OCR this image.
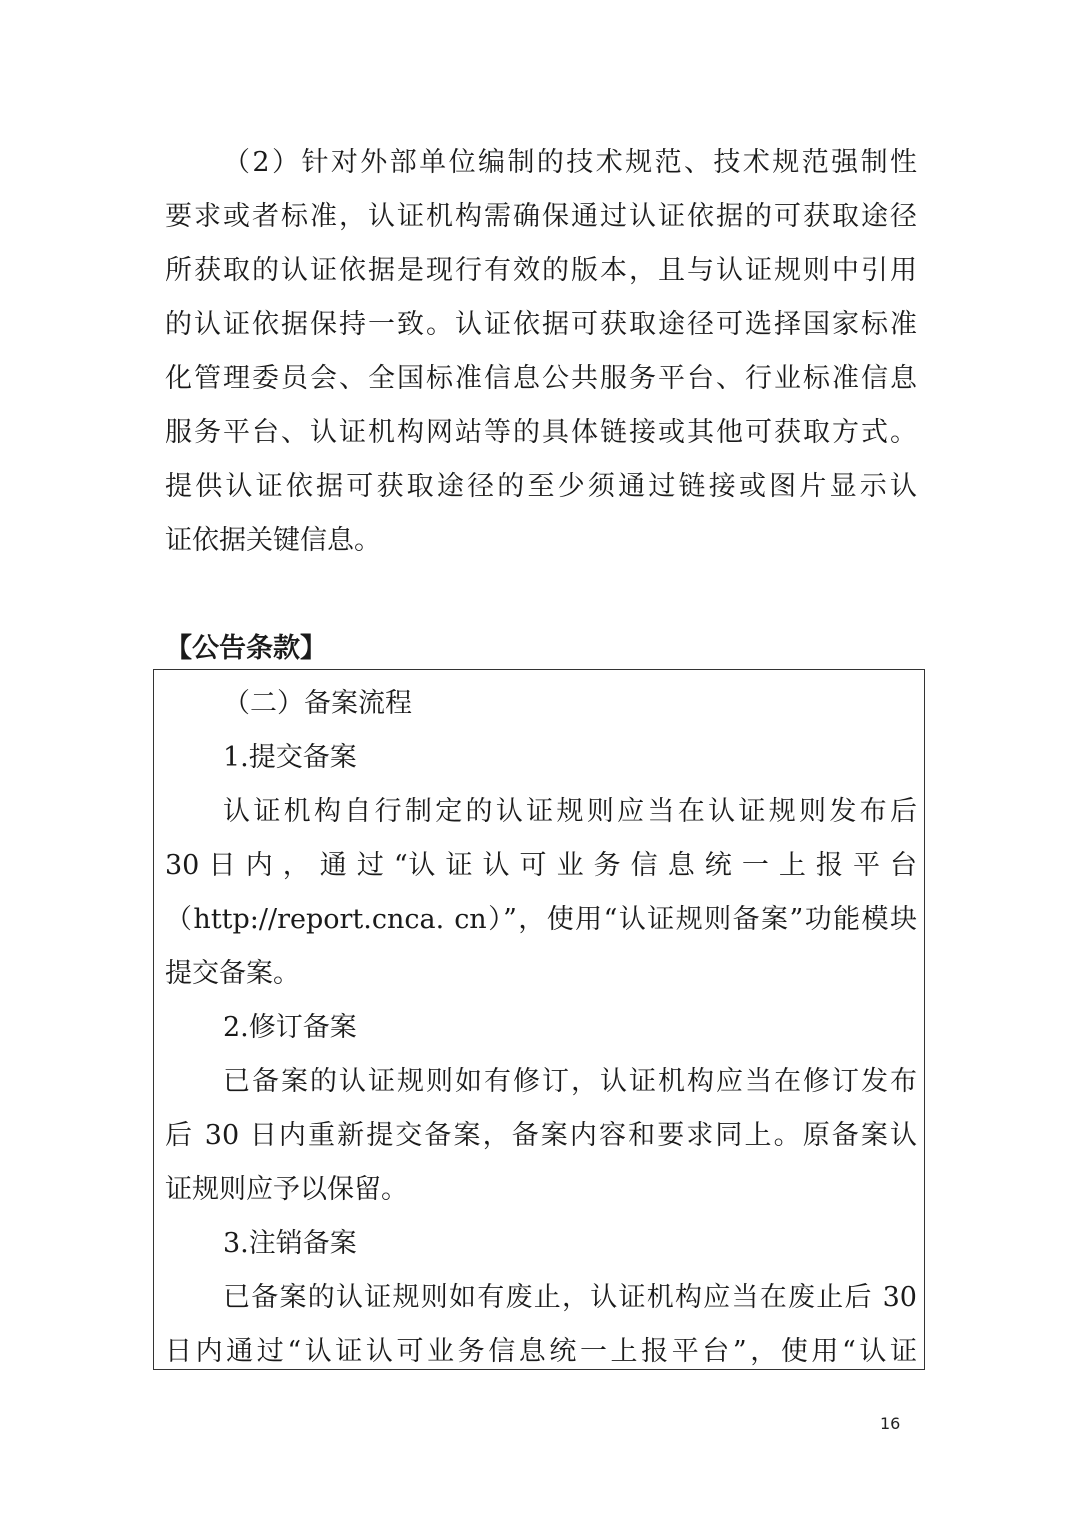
（2）针对外部单位编制的技术规范、技术规范强制性
要求或者标准，认证机构需确保通过认证依据的可获取途径
所获取的认证依据是现行有效的版本，且与认证规则中引用
的认证依据保持一致。认证依据可获取途径可选择国家标准
化管理委员会、全国标准信息公共服务平台、行业标准信息
服务平台、认证机构网站等的具体链接或其他可获取方式。
提供认证依据可获取途径的至少须通过链接或图片显示认
证依据关键信息。
【公告条款】
（二）备案流程
1.提交备案
认证机构自行制定的认证规则应当在认证规则发布后
30 日 内 ， 通 过 “认 证 认 可 业 务 信 息 统 一 上 报 平 台
（http://report.cnca. cn）”，使用“认证规则备案”功能模块
提交备案。
2.修订备案
已备案的认证规则如有修订，认证机构应当在修订发布
后 30 日内重新提交备案，备案内容和要求同上。原备案认
证规则应予以保留。
3.注销备案
已备案的认证规则如有废止，认证机构应当在废止后 30
日内通过“认证认可业务信息统一上报平台”，使用“认证
16
